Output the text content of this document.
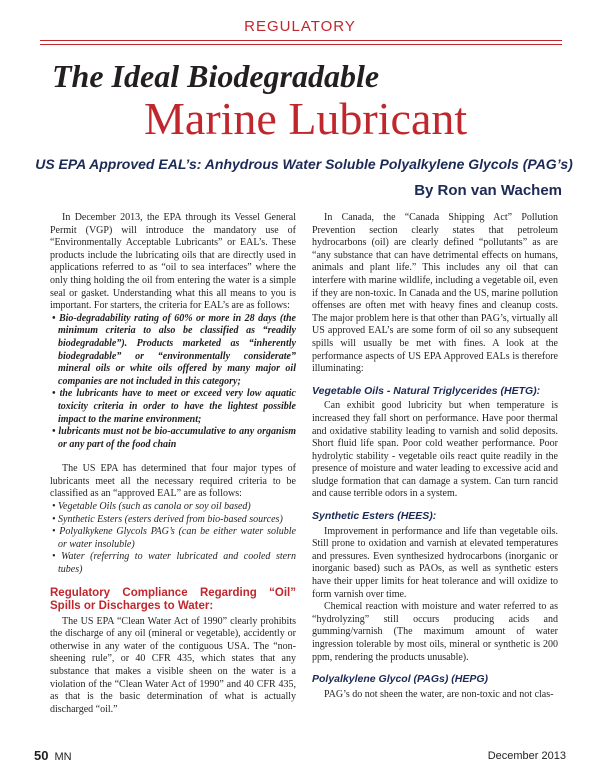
REGULATORY
The Ideal Biodegradable
Marine Lubricant
US EPA Approved EAL’s: Anhydrous Water Soluble Polyalkylene Glycols (PAG’s)
By Ron van Wachem

In December 2013, the EPA through its Vessel General Permit (VGP) will introduce the mandatory use of “Environmentally Acceptable Lubricants” or EAL’s. These products include the lubricating oils that are directly used in applications referred to as “oil to sea interfaces” where the only thing holding the oil from entering the water is a simple seal or gasket. Understanding what this all means to you is important. For starters, the criteria for EAL’s are as follows:

• Bio-degradability rating of 60% or more in 28 days (the minimum criteria to also be classified as “readily biodegradable”). Products marketed as “inherently biodegradable” or “environmentally considerate” mineral oils or white oils offered by many major oil companies are not included in this category;
• the lubricants have to meet or exceed very low aquatic toxicity criteria in order to have the lightest possible impact to the marine environment;
• lubricants must not be bio-accumulative to any organism or any part of the food chain

The US EPA has determined that four major types of lubricants meet all the necessary required criteria to be classified as an “approved EAL” are as follows:

• Vegetable Oils (such as canola or soy oil based)
• Synthetic Esters (esters derived from bio-based sources)
• Polyalkykene Glycols PAG’s (can be either water soluble or water insoluble)
• Water (referring to water lubricated and cooled stern tubes)
Regulatory Compliance Regarding “Oil” Spills or Discharges to Water:

The US EPA “Clean Water Act of 1990” clearly prohibits the discharge of any oil (mineral or vegetable), accidently or otherwise in any water of the contiguous USA. The “non-sheening rule”, or 40 CFR 435, which states that any substance that makes a visible sheen on the water is a violation of the “Clean Water Act of 1990” and 40 CFR 435, as that is the basic determination of what is actually discharged “oil.”

In Canada, the “Canada Shipping Act” Pollution Prevention section clearly states that petroleum hydrocarbons (oil) are clearly defined “pollutants” as are “any substance that can have detrimental effects on humans, animals and plant life.” This includes any oil that can interfere with marine wildlife, including a vegetable oil, even if they are non-toxic. In Canada and the US, marine pollution offenses are often met with heavy fines and cleanup costs. The major problem here is that other than PAG’s, virtually all US approved EAL’s are some form of oil so any subsequent spills will usually be met with fines. A look at the performance aspects of US EPA Approved EALs is therefore illuminating:

Vegetable Oils - Natural Triglycerides (HETG):

Can exhibit good lubricity but when temperature is increased they fall short on performance. Have poor thermal and oxidative stability leading to varnish and solid deposits. Short fluid life span. Poor cold weather performance. Poor hydrolytic stability - vegetable oils react quite readily in the presence of moisture and water leading to excessive acid and sludge formation that can damage a system. Can turn rancid and cause terrible odors in a system.

Synthetic Esters (HEES):

Improvement in performance and life than vegetable oils. Still prone to oxidation and varnish at elevated temperatures and pressures. Even synthesized hydrocarbons (inorganic or inorganic based) such as PAOs, as well as synthetic esters have their upper limits for heat tolerance and will oxidize to form varnish over time.

Chemical reaction with moisture and water referred to as “hydrolyzing” still occurs producing acids and gumming/varnish (The maximum amount of water ingression tolerable by most oils, mineral or synthetic is 200 ppm, rendering the products unusable).

Polyalkylene Glycol (PAGs) (HEPG)

PAG’s do not sheen the water, are non-toxic and not clas-

50 MN	December 2013
